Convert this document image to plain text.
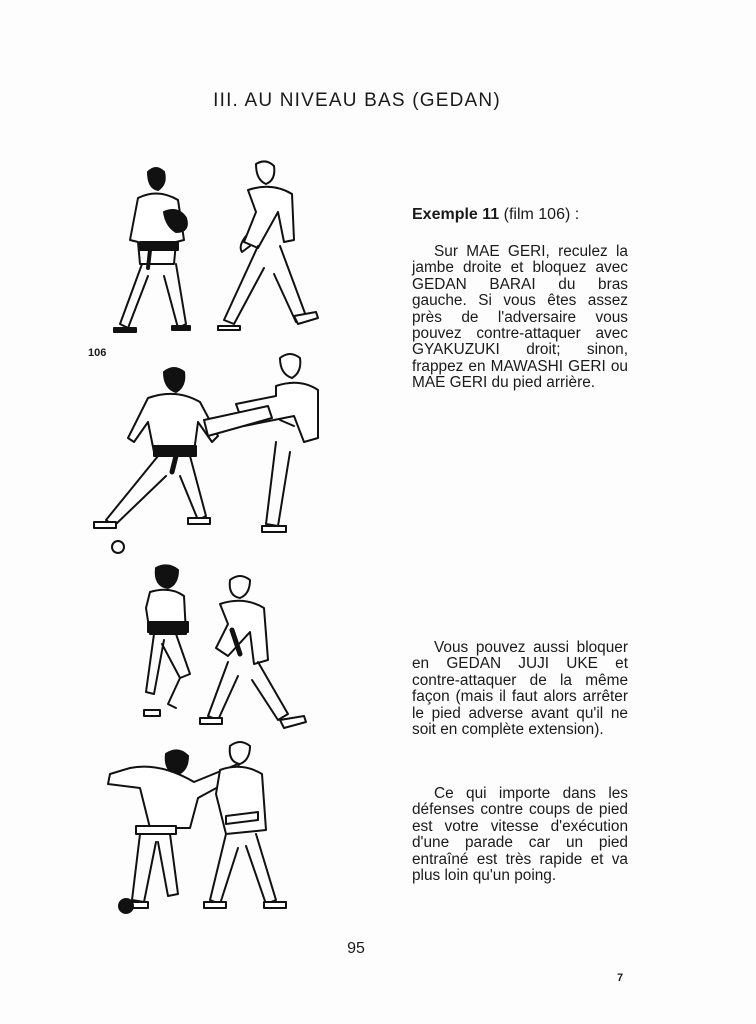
III. AU NIVEAU BAS (GEDAN)
106
Exemple 11 (film 106) :

Sur MAE GERI, reculez la jambe droite et bloquez avec GEDAN BARAI du bras gauche. Si vous êtes assez près de l'adversaire vous pouvez contre-attaquer avec GYAKUZUKI droit; sinon, frappez en MAWASHI GERI ou MAE GERI du pied arrière.

Vous pouvez aussi bloquer en GEDAN JUJI UKE et contre-attaquer de la même façon (mais il faut alors arrêter le pied adverse avant qu'il ne soit en complète extension).

Ce qui importe dans les défenses contre coups de pied est votre vitesse d'exécution d'une parade car un pied entraîné est très rapide et va plus loin qu'un poing.

95
7
